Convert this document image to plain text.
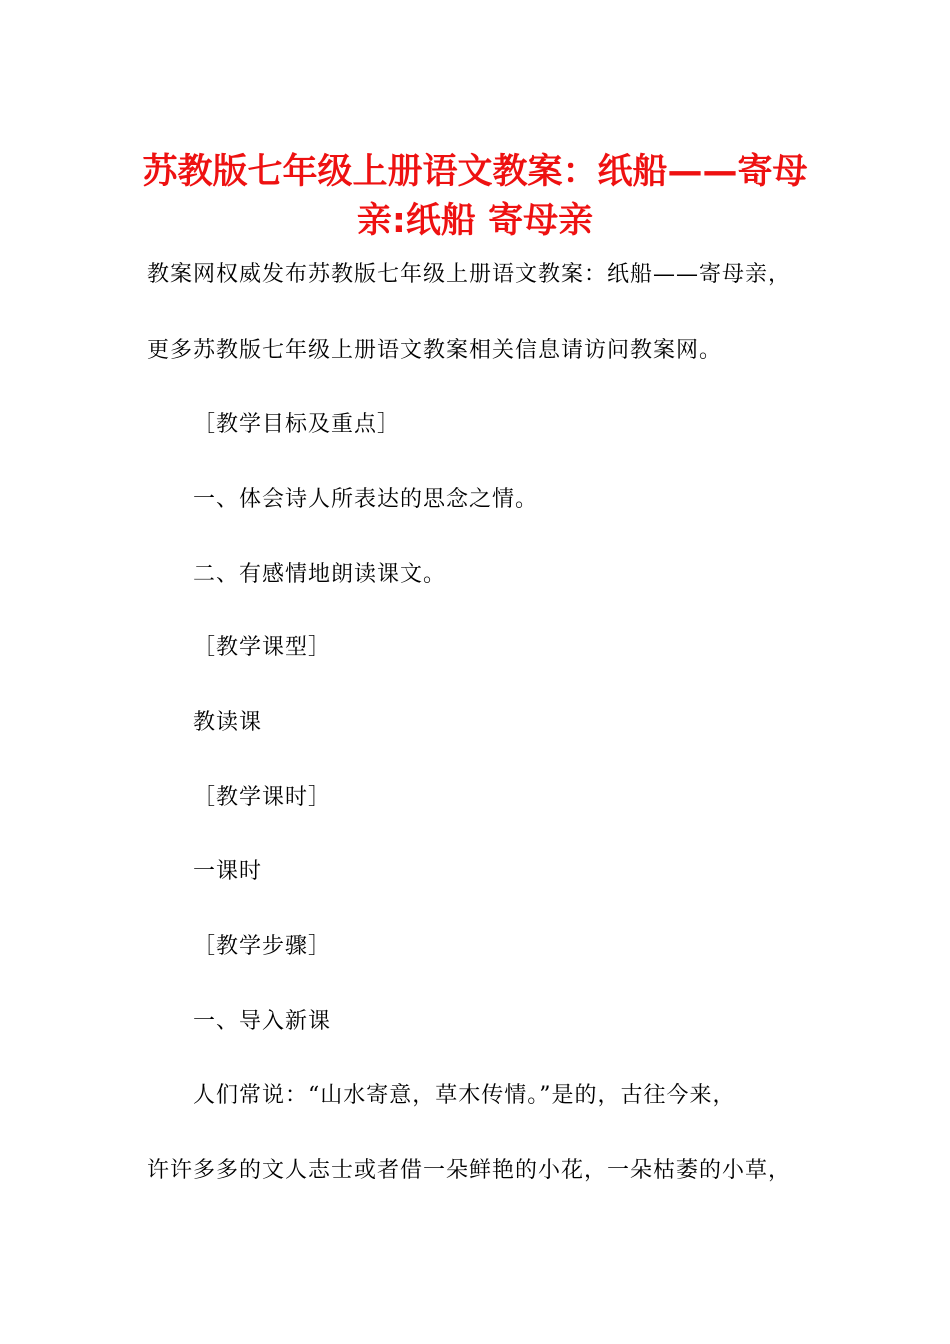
苏教版七年级上册语文教案：纸船——寄母
亲:纸船 寄母亲
教案网权威发布苏教版七年级上册语文教案：纸船——寄母亲，
更多苏教版七年级上册语文教案相关信息请访问教案网。
［教学目标及重点］
一、体会诗人所表达的思念之情。
二、有感情地朗读课文。
［教学课型］
教读课
［教学课时］
一课时
［教学步骤］
一、导入新课
人们常说：“山水寄意，草木传情。”是的，古往今来，
许许多多的文人志士或者借一朵鲜艳的小花，一朵枯萎的小草，
